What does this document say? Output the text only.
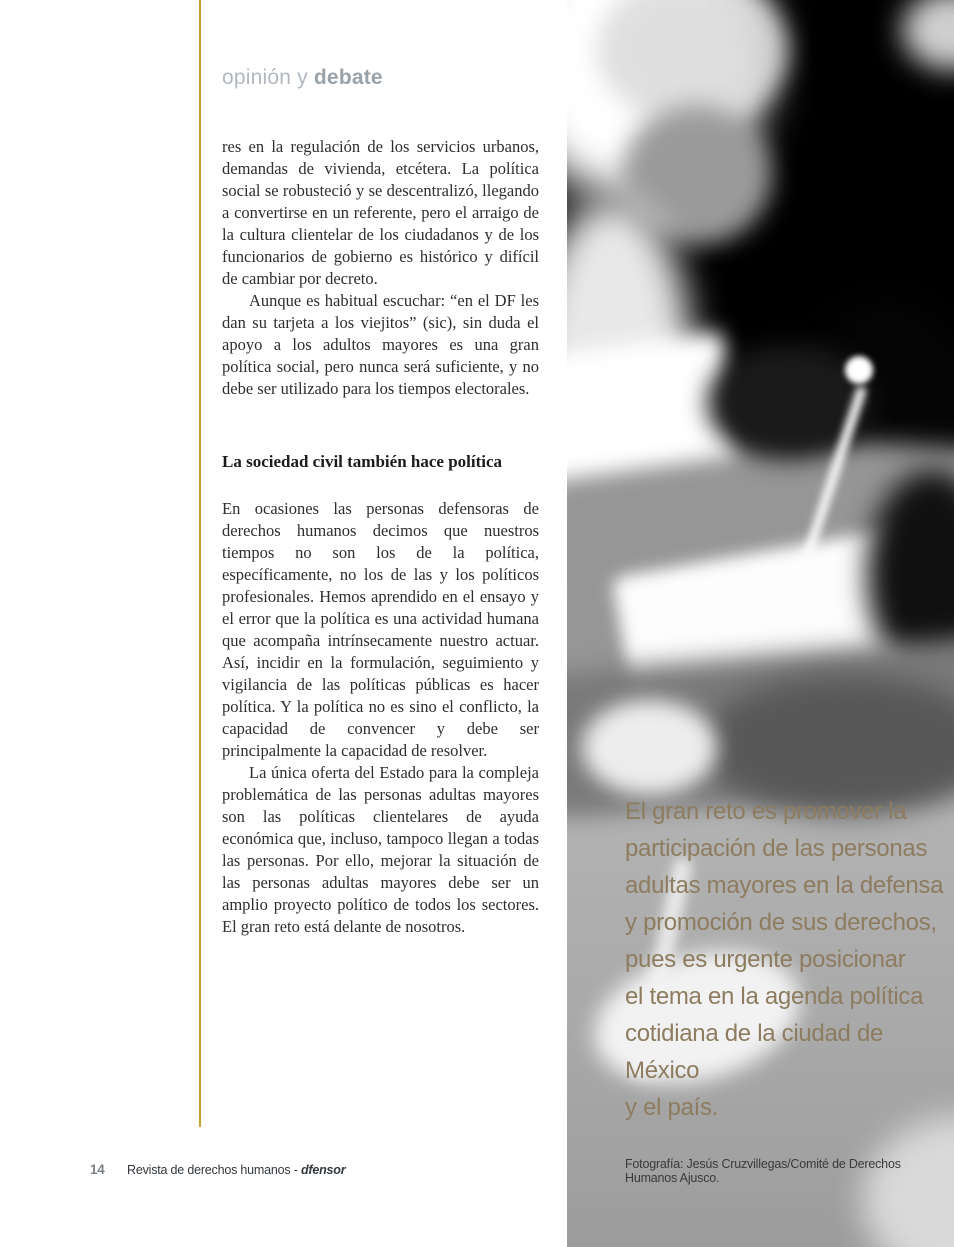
opinión y debate

res en la regulación de los servicios urbanos, demandas de vivienda, etcétera. La política social se robusteció y se descentralizó, llegando a convertirse en un referente, pero el arraigo de la cultura clientelar de los ciudadanos y de los funcionarios de gobierno es histórico y difícil de cambiar por decreto.

Aunque es habitual escuchar: “en el DF les dan su tarjeta a los viejitos” (sic), sin duda el apoyo a los adultos mayores es una gran política social, pero nunca será suficiente, y no debe ser utilizado para los tiempos electorales.

La sociedad civil también hace política

En ocasiones las personas defensoras de derechos humanos decimos que nuestros tiempos no son los de la política, específicamente, no los de las y los políticos profesionales. Hemos aprendido en el ensayo y el error que la política es una actividad humana que acompaña intrínsecamente nuestro actuar. Así, incidir en la formulación, seguimiento y vigilancia de las políticas públicas es hacer política. Y la política no es sino el conflicto, la capacidad de convencer y debe ser principalmente la capacidad de resolver.

La única oferta del Estado para la compleja problemática de las personas adultas mayores son las políticas clientelares de ayuda económica que, incluso, tampoco llegan a todas las personas. Por ello, mejorar la situación de las personas adultas mayores debe ser un amplio proyecto político de todos los sectores. El gran reto está delante de nosotros.

El gran reto es promover la
participación de las personas
adultas mayores en la defensa
y promoción de sus derechos,
pues es urgente posicionar
el tema en la agenda política
cotidiana de la ciudad de México
y el país.
Fotografía: Jesús Cruzvillegas/Comité de Derechos Humanos Ajusco.
14 Revista de derechos humanos - dfensor
